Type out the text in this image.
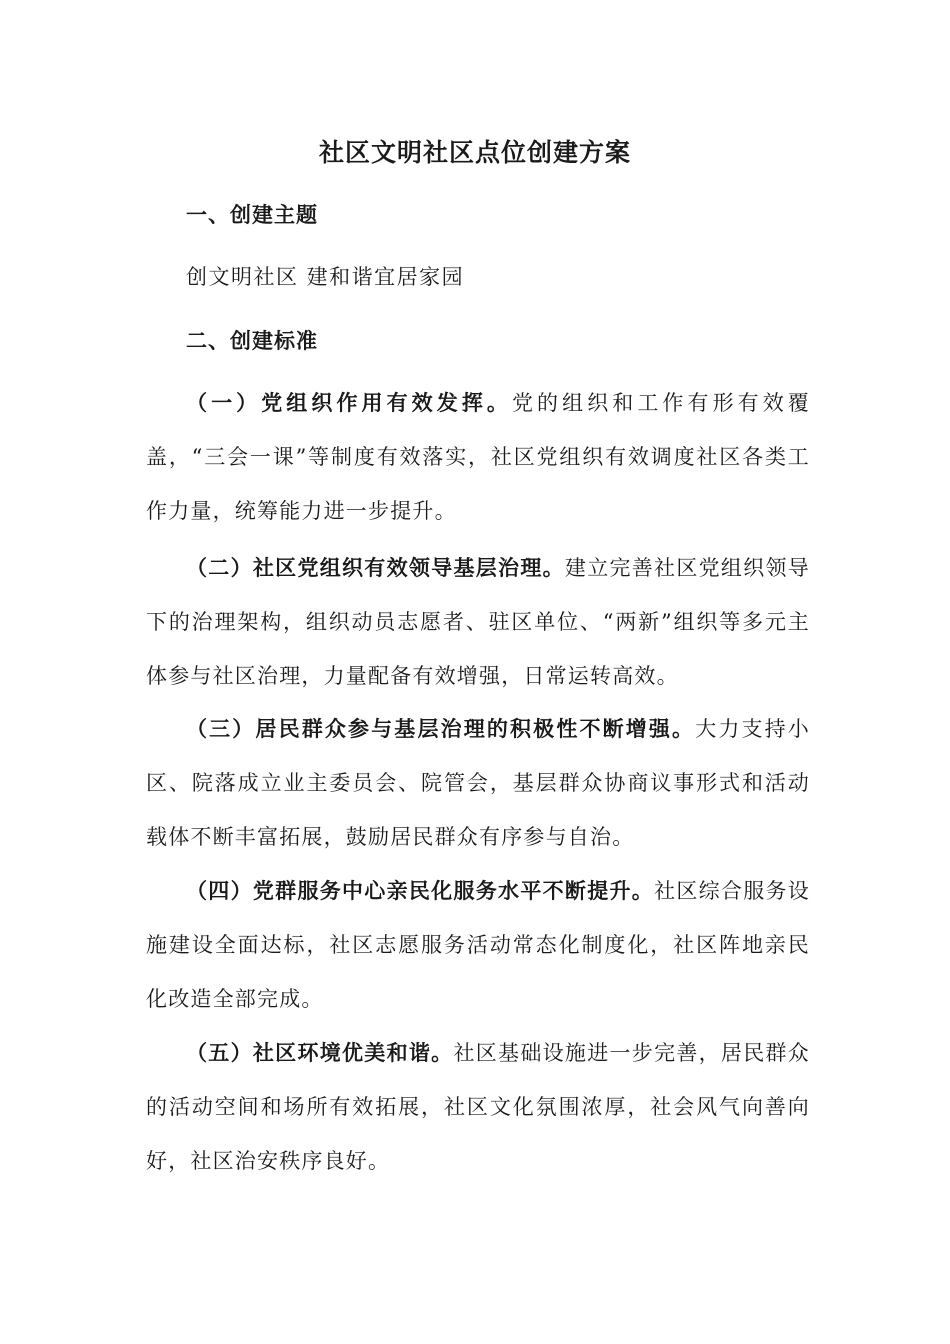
社区文明社区点位创建方案
一、创建主题
创文明社区 建和谐宜居家园
二、创建标准

（一）党组织作用有效发挥。党的组织和工作有形有效覆盖，“三会一课”等制度有效落实，社区党组织有效调度社区各类工作力量，统筹能力进一步提升。

（二）社区党组织有效领导基层治理。建立完善社区党组织领导下的治理架构，组织动员志愿者、驻区单位、“两新”组织等多元主体参与社区治理，力量配备有效增强，日常运转高效。

（三）居民群众参与基层治理的积极性不断增强。大力支持小区、院落成立业主委员会、院管会，基层群众协商议事形式和活动载体不断丰富拓展，鼓励居民群众有序参与自治。

（四）党群服务中心亲民化服务水平不断提升。社区综合服务设施建设全面达标，社区志愿服务活动常态化制度化，社区阵地亲民化改造全部完成。

（五）社区环境优美和谐。社区基础设施进一步完善，居民群众的活动空间和场所有效拓展，社区文化氛围浓厚，社会风气向善向好，社区治安秩序良好。
